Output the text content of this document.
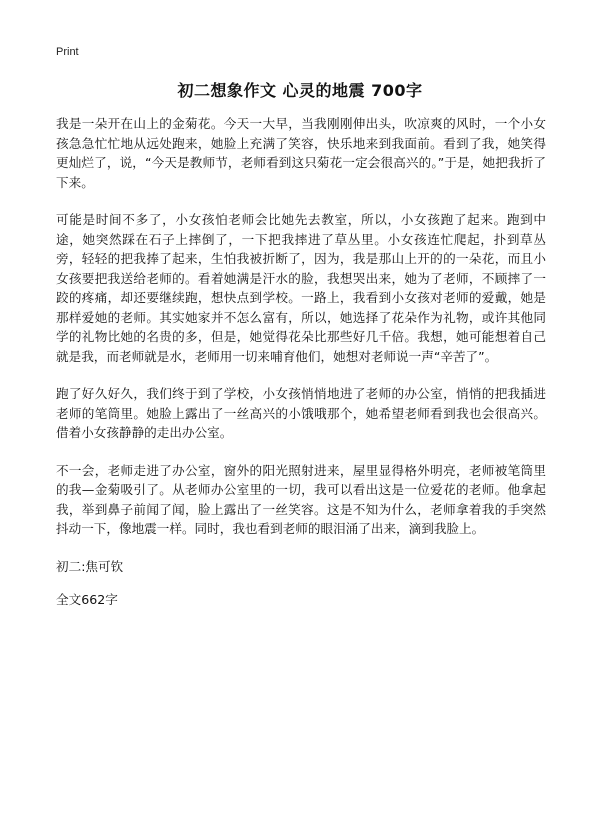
Print
初二想象作文 心灵的地震 700字

我是一朵开在山上的金菊花。今天一大早，当我刚刚伸出头，吹凉爽的风时，一个小女孩急急忙忙地从远处跑来，她脸上充满了笑容，快乐地来到我面前。看到了我，她笑得更灿烂了，说，“今天是教师节，老师看到这只菊花一定会很高兴的。”于是，她把我折了下来。

可能是时间不多了，小女孩怕老师会比她先去教室，所以，小女孩跑了起来。跑到中途，她突然踩在石子上摔倒了，一下把我摔进了草丛里。小女孩连忙爬起，扑到草丛旁，轻轻的把我捧了起来，生怕我被折断了，因为，我是那山上开的的一朵花，而且小女孩要把我送给老师的。看着她满是汗水的脸，我想哭出来，她为了老师，不顾摔了一跤的疼痛，却还要继续跑，想快点到学校。一路上，我看到小女孩对老师的爱戴，她是那样爱她的老师。其实她家并不怎么富有，所以，她选择了花朵作为礼物，或许其他同学的礼物比她的名贵的多，但是，她觉得花朵比那些好几千倍。我想，她可能想着自己就是我，而老师就是水，老师用一切来哺育他们，她想对老师说一声“辛苦了”。

跑了好久好久，我们终于到了学校，小女孩悄悄地进了老师的办公室，悄悄的把我插进老师的笔筒里。她脸上露出了一丝高兴的小饿哦那个，她希望老师看到我也会很高兴。借着小女孩静静的走出办公室。

不一会，老师走进了办公室，窗外的阳光照射进来，屋里显得格外明亮，老师被笔筒里的我—金菊吸引了。从老师办公室里的一切，我可以看出这是一位爱花的老师。他拿起我，举到鼻子前闻了闻，脸上露出了一丝笑容。这是不知为什么，老师拿着我的手突然抖动一下，像地震一样。同时，我也看到老师的眼泪涌了出来，滴到我脸上。

初二:焦可钦

全文662字
